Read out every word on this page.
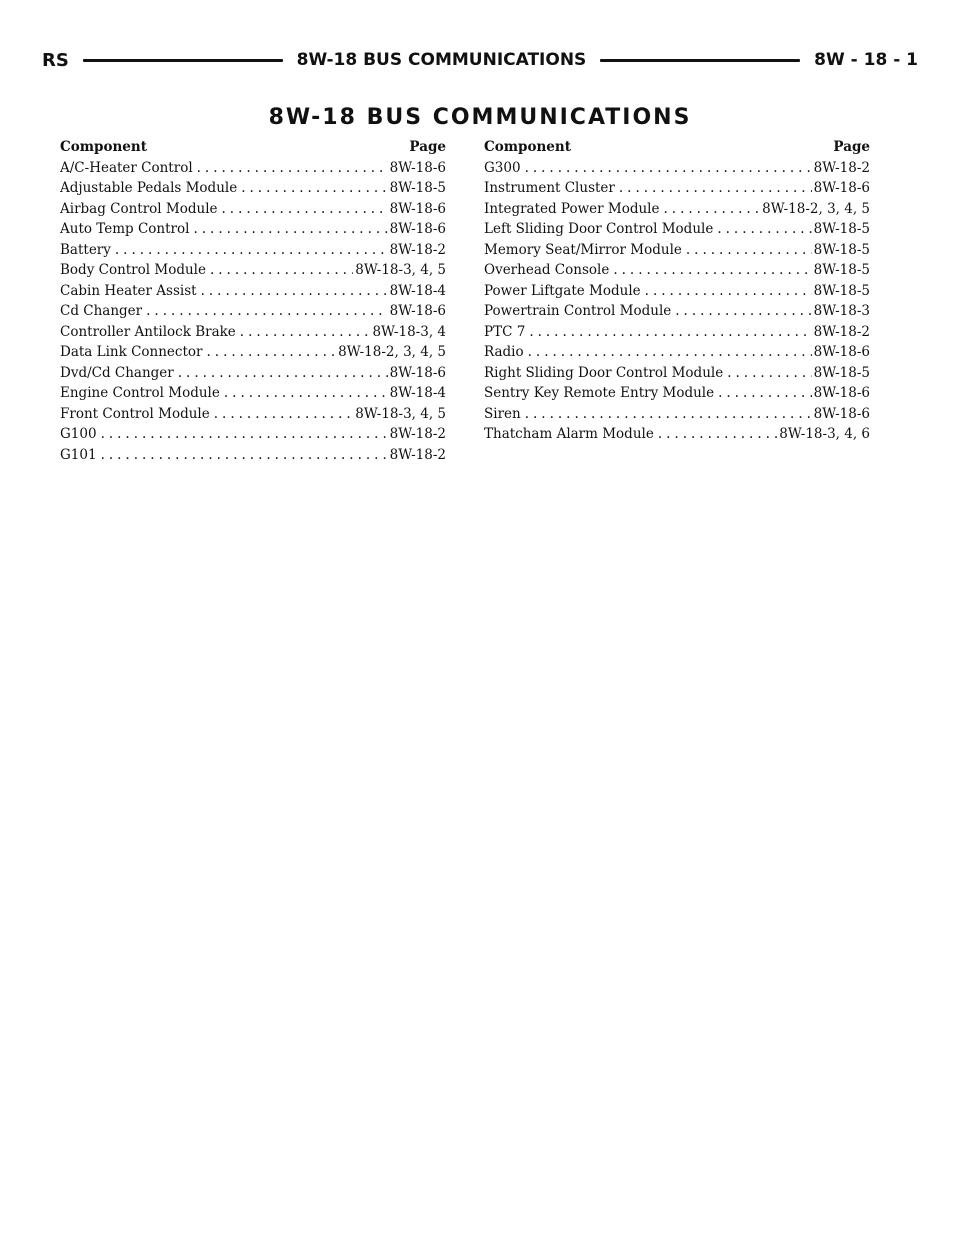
RS	8W-18 BUS COMMUNICATIONS	8W - 18 - 1
8W-18 BUS COMMUNICATIONS
Component	Page
A/C-Heater Control .....	8W-18-6
Adjustable Pedals Module .....	8W-18-5
Airbag Control Module .....	8W-18-6
Auto Temp Control .....	8W-18-6
Battery .....	8W-18-2
Body Control Module .....	8W-18-3, 4, 5
Cabin Heater Assist .....	8W-18-4
Cd Changer .....	8W-18-6
Controller Antilock Brake .....	8W-18-3, 4
Data Link Connector .....	8W-18-2, 3, 4, 5
Dvd/Cd Changer .....	8W-18-6
Engine Control Module .....	8W-18-4
Front Control Module .....	8W-18-3, 4, 5
G100 .....	8W-18-2
G101 .....	8W-18-2
Component	Page
G300 .....	8W-18-2
Instrument Cluster .....	8W-18-6
Integrated Power Module .....	8W-18-2, 3, 4, 5
Left Sliding Door Control Module .....	8W-18-5
Memory Seat/Mirror Module .....	8W-18-5
Overhead Console .....	8W-18-5
Power Liftgate Module .....	8W-18-5
Powertrain Control Module .....	8W-18-3
PTC 7 .....	8W-18-2
Radio .....	8W-18-6
Right Sliding Door Control Module .....	8W-18-5
Sentry Key Remote Entry Module .....	8W-18-6
Siren .....	8W-18-6
Thatcham Alarm Module .....	8W-18-3, 4, 6
